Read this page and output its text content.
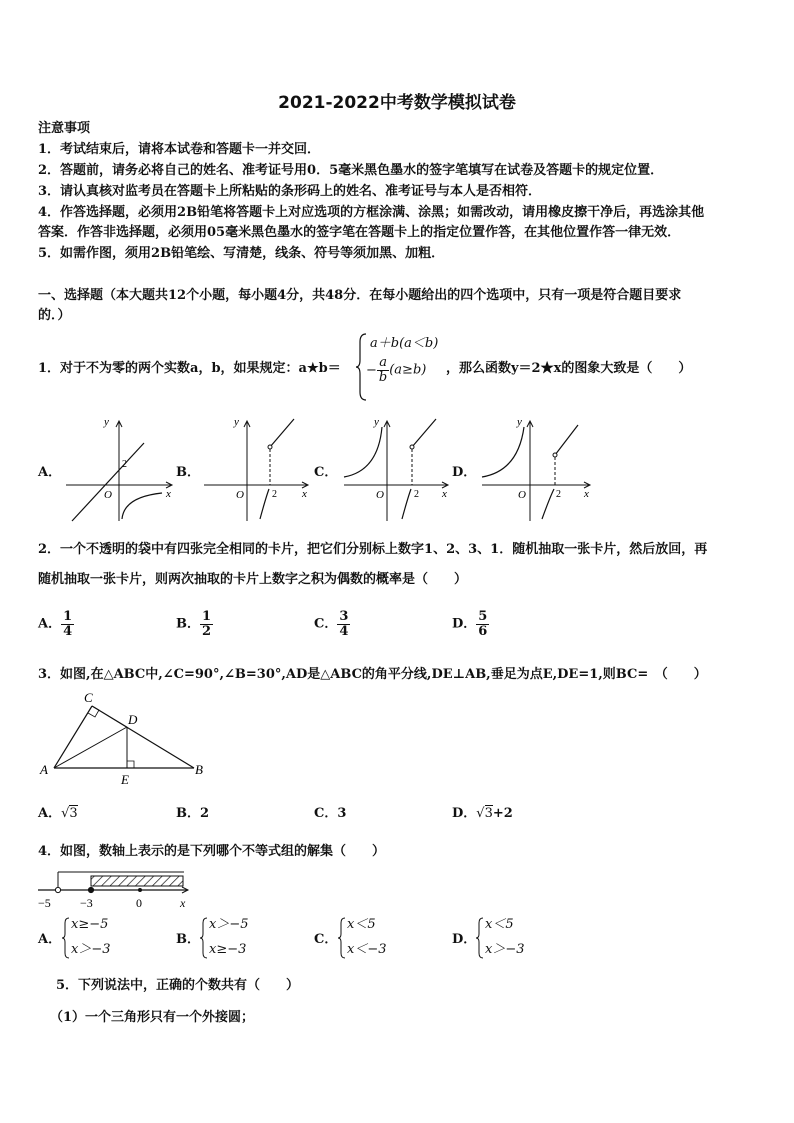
2021-2022中考数学模拟试卷
注意事项
1．考试结束后，请将本试卷和答题卡一并交回．
2．答题前，请务必将自己的姓名、准考证号用0．5毫米黑色墨水的签字笔填写在试卷及答题卡的规定位置．
3．请认真核对监考员在答题卡上所粘贴的条形码上的姓名、准考证号与本人是否相符．
4．作答选择题，必须用2B铅笔将答题卡上对应选项的方框涂满、涂黑；如需改动，请用橡皮擦干净后，再选涂其他
答案．作答非选择题，必须用05毫米黑色墨水的签字笔在答题卡上的指定位置作答，在其他位置作答一律无效．
5．如需作图，须用2B铅笔绘、写清楚，线条、符号等须加黑、加粗．
一、选择题（本大题共12个小题，每小题4分，共48分．在每小题给出的四个选项中，只有一项是符合题目要求
的．）
1．对于不为零的两个实数a，b，如果规定：a★b＝
a＋b(a＜b)
− $\frac{a}{b} (a\ge b)$ ，那么函数y＝2★x的图象大致是（　　）
A．	B．	C．	D．
y
x
O
2
y
x
O	2
y
x
O	2
y
x
O	2
2．一个不透明的袋中有四张完全相同的卡片，把它们分别标上数字1、2、3、1．随机抽取一张卡片，然后放回，再
随机抽取一张卡片，则两次抽取的卡片上数字之积为偶数的概率是（　　）
A． $\frac{1}{4}$	B． $\frac{1}{2}$	C． $\frac{3}{4}$	D． $\frac{5}{6}$
3．如图,在△ABC中,∠C=90°,∠B=30°,AD是△ABC的角平分线,DE⊥AB,垂足为点E,DE=1,则BC=　（　　）
C
D
A	B
E
A．√3	B．2	C．3	D．√3+2
4．如图，数轴上表示的是下列哪个不等式组的解集（　　）
−5 −3	0	x
A．
x≥−5
x＞−3
B．
x＞−5
x≥−3
C．
x＜5
x＜−3
D．
x＜5
x＞−3
5．下列说法中，正确的个数共有（　　）
（1）一个三角形只有一个外接圆；
